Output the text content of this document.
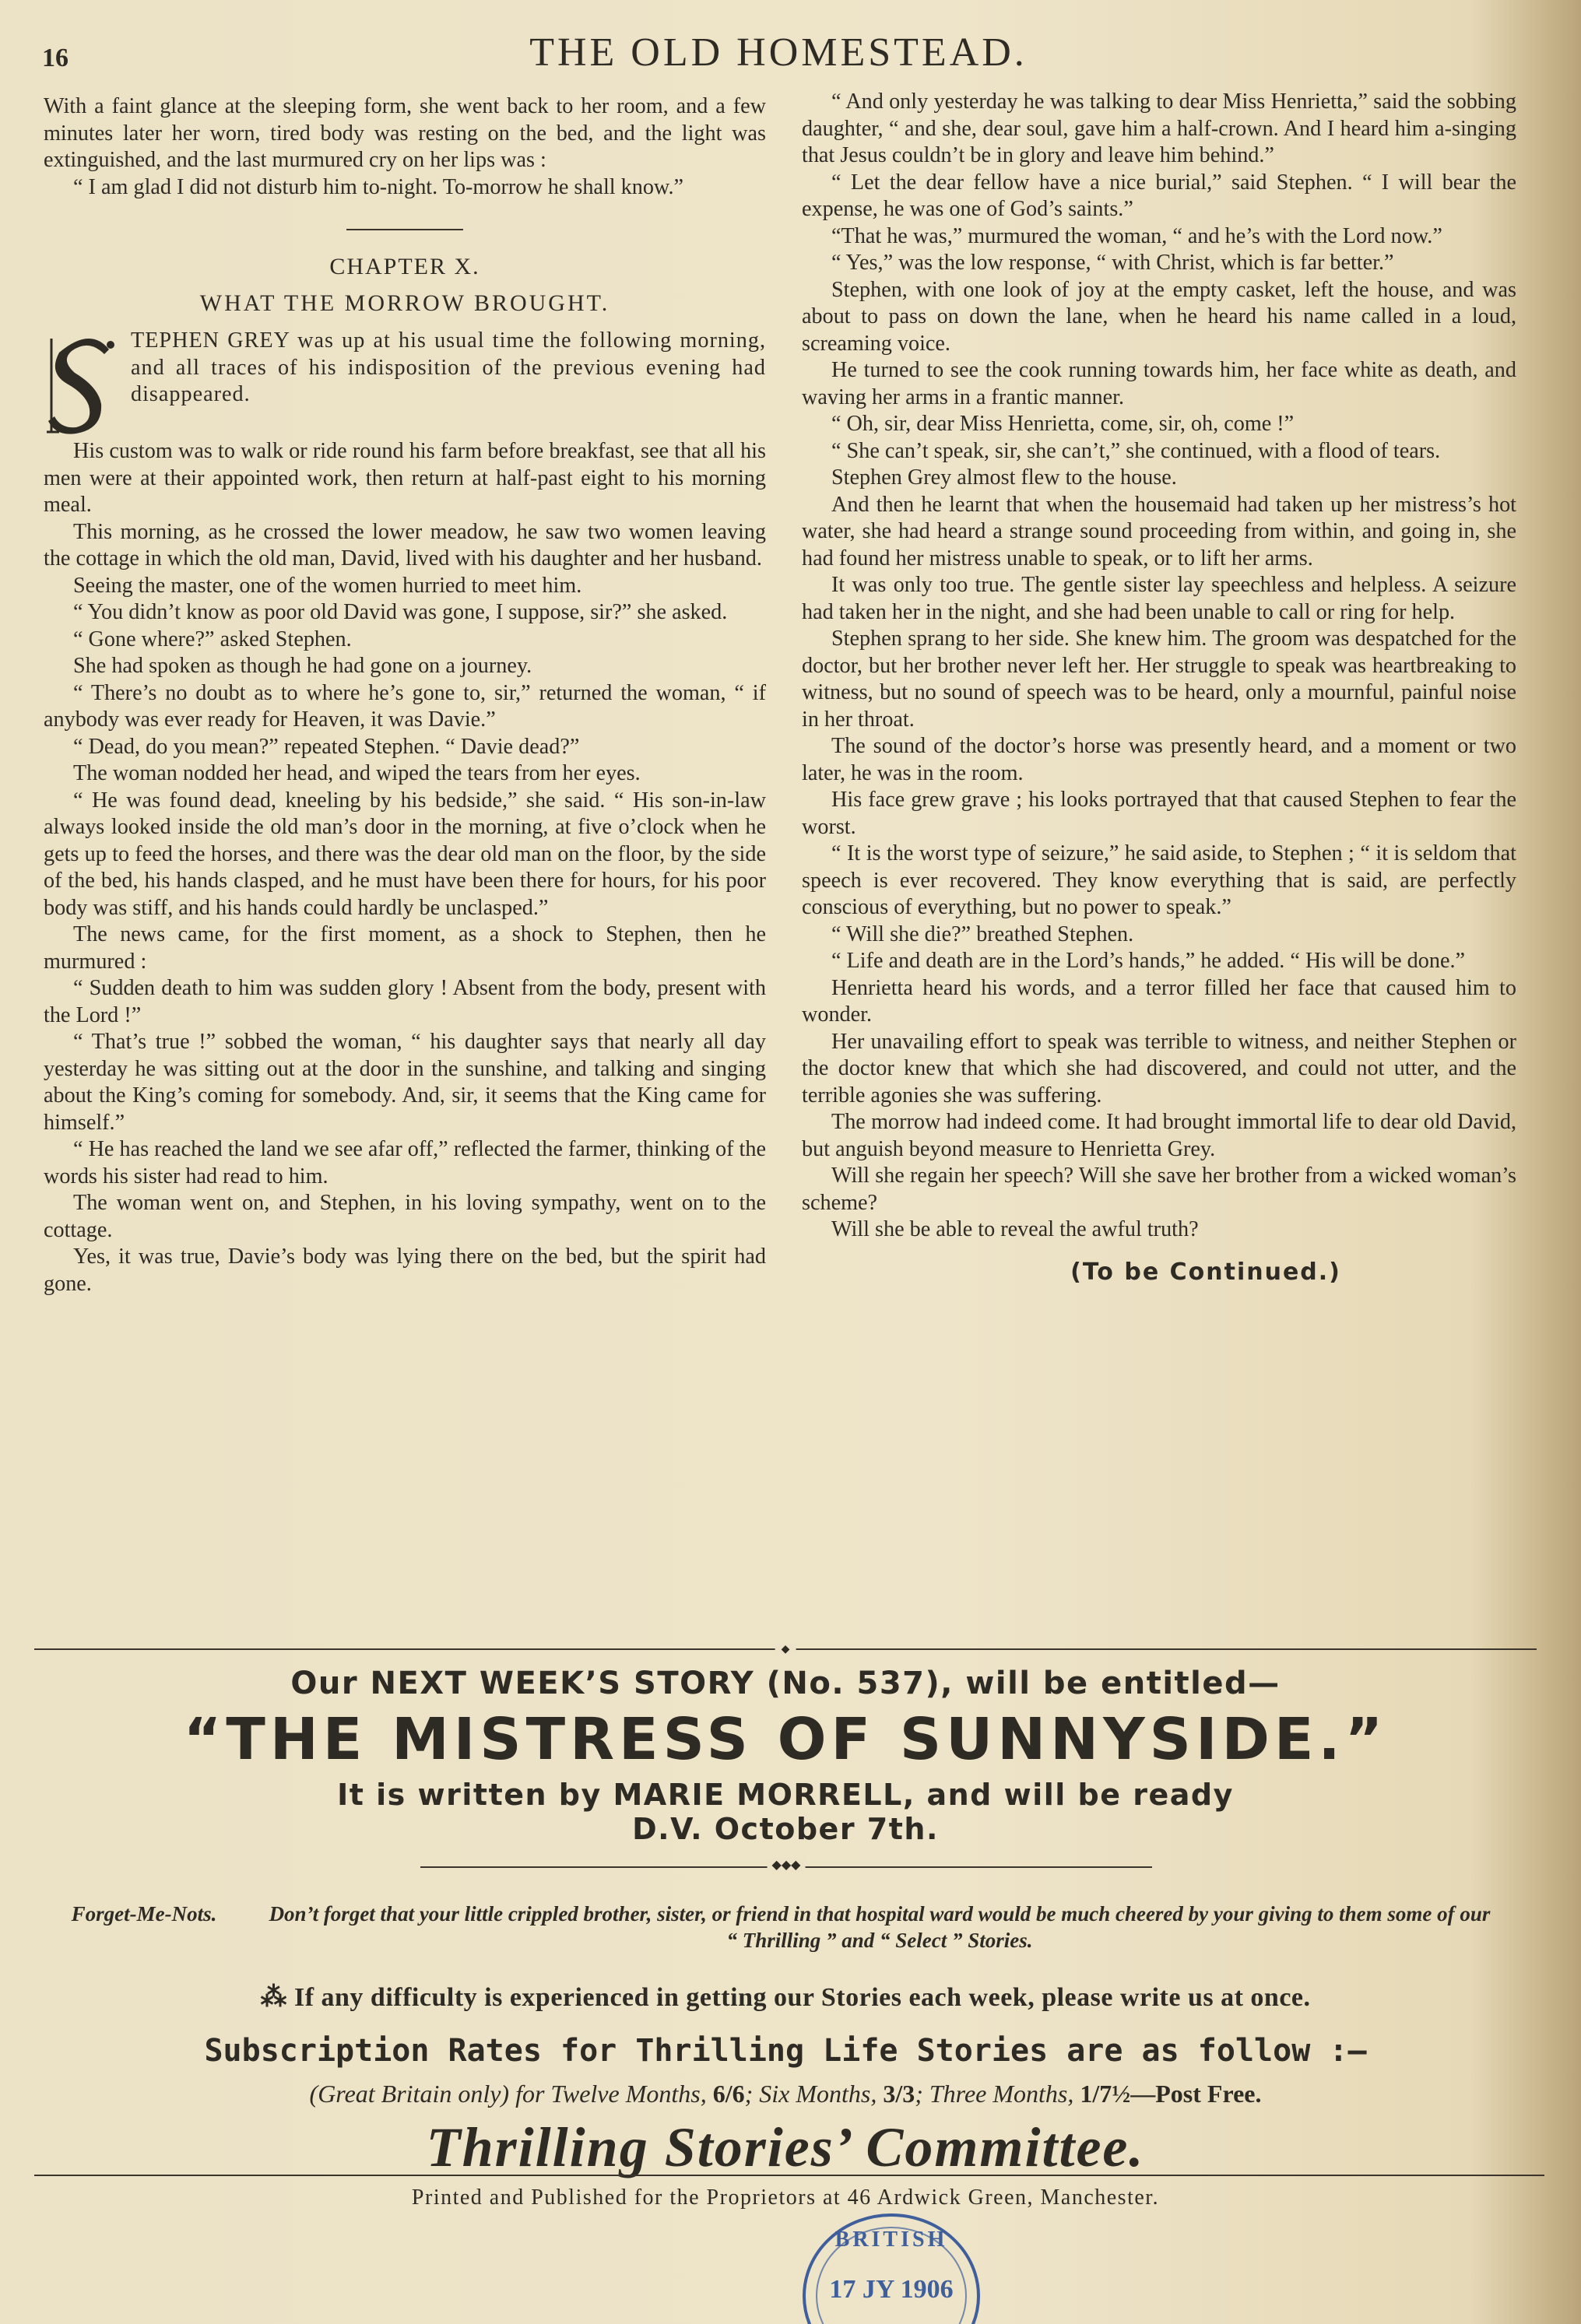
16	THE OLD HOMESTEAD.

With a faint glance at the sleeping form, she went back to her room, and a few minutes later her worn, tired body was resting on the bed, and the light was extinguished, and the last murmured cry on her lips was :

“ I am glad I did not disturb him to-night. To-morrow he shall know.”

CHAPTER X.
WHAT THE MORROW BROUGHT.

TEPHEN GREY was up at his usual time the following morning, and all traces of his indisposition of the previous evening had disappeared.

His custom was to walk or ride round his farm before breakfast, see that all his men were at their appointed work, then return at half-past eight to his morning meal.

This morning, as he crossed the lower meadow, he saw two women leaving the cottage in which the old man, David, lived with his daughter and her husband.

Seeing the master, one of the women hurried to meet him.

“ You didn’t know as poor old David was gone, I suppose, sir?” she asked.

“ Gone where?” asked Stephen.

She had spoken as though he had gone on a journey.

“ There’s no doubt as to where he’s gone to, sir,” returned the woman, “ if anybody was ever ready for Heaven, it was Davie.”

“ Dead, do you mean?” repeated Stephen. “ Davie dead?”

The woman nodded her head, and wiped the tears from her eyes.

“ He was found dead, kneeling by his bedside,” she said. “ His son-in-law always looked inside the old man’s door in the morning, at five o’clock when he gets up to feed the horses, and there was the dear old man on the floor, by the side of the bed, his hands clasped, and he must have been there for hours, for his poor body was stiff, and his hands could hardly be unclasped.”

The news came, for the first moment, as a shock to Stephen, then he murmured :

“ Sudden death to him was sudden glory ! Absent from the body, present with the Lord !”

“ That’s true !” sobbed the woman, “ his daughter says that nearly all day yesterday he was sitting out at the door in the sunshine, and talking and singing about the King’s coming for somebody. And, sir, it seems that the King came for himself.”

“ He has reached the land we see afar off,” reflected the farmer, thinking of the words his sister had read to him.

The woman went on, and Stephen, in his loving sympathy, went on to the cottage.

Yes, it was true, Davie’s body was lying there on the bed, but the spirit had gone.

“ And only yesterday he was talking to dear Miss Henrietta,” said the sobbing daughter, “ and she, dear soul, gave him a half-crown. And I heard him a-singing that Jesus couldn’t be in glory and leave him behind.”

“ Let the dear fellow have a nice burial,” said Stephen. “ I will bear the expense, he was one of God’s saints.”

“That he was,” murmured the woman, “ and he’s with the Lord now.”

“ Yes,” was the low response, “ with Christ, which is far better.”

Stephen, with one look of joy at the empty casket, left the house, and was about to pass on down the lane, when he heard his name called in a loud, screaming voice.

He turned to see the cook running towards him, her face white as death, and waving her arms in a frantic manner.

“ Oh, sir, dear Miss Henrietta, come, sir, oh, come !”

“ She can’t speak, sir, she can’t,” she continued, with a flood of tears.

Stephen Grey almost flew to the house.

And then he learnt that when the housemaid had taken up her mistress’s hot water, she had heard a strange sound proceeding from within, and going in, she had found her mistress unable to speak, or to lift her arms.

It was only too true. The gentle sister lay speechless and helpless. A seizure had taken her in the night, and she had been unable to call or ring for help.

Stephen sprang to her side. She knew him. The groom was despatched for the doctor, but her brother never left her. Her struggle to speak was heartbreaking to witness, but no sound of speech was to be heard, only a mournful, painful noise in her throat.

The sound of the doctor’s horse was presently heard, and a moment or two later, he was in the room.

His face grew grave ; his looks portrayed that that caused Stephen to fear the worst.

“ It is the worst type of seizure,” he said aside, to Stephen ; “ it is seldom that speech is ever recovered. They know everything that is said, are perfectly conscious of everything, but no power to speak.”

“ Will she die?” breathed Stephen.

“ Life and death are in the Lord’s hands,” he added. “ His will be done.”

Henrietta heard his words, and a terror filled her face that caused him to wonder.

Her unavailing effort to speak was terrible to witness, and neither Stephen or the doctor knew that which she had discovered, and could not utter, and the terrible agonies she was suffering.

The morrow had indeed come. It had brought immortal life to dear old David, but anguish beyond measure to Henrietta Grey.

Will she regain her speech? Will she save her brother from a wicked woman’s scheme?

Will she be able to reveal the awful truth?

(To be Continued.)
◆
Our NEXT WEEK’S STORY (No. 537), will be entitled—
“THE MISTRESS OF SUNNYSIDE.”
It is written by MARIE MORRELL, and will be ready
D.V. October 7th.
◆◆◆
Forget-Me-Nots.	Don’t forget that your little crippled brother, sister, or friend in that hospital ward would be much cheered by your giving to them some of our “ Thrilling ” and “ Select ” Stories.
⁂ If any difficulty is experienced in getting our Stories each week, please write us at once.
Subscription Rates for Thrilling Life Stories are as follow :—
(Great Britain only) for Twelve Months, 6/6; Six Months, 3/3; Three Months, 1/7½—Post Free.
Thrilling Stories’ Committee.
Printed and Published for the Proprietors at 46 Ardwick Green, Manchester.
BRITISH
17 JY 1906
